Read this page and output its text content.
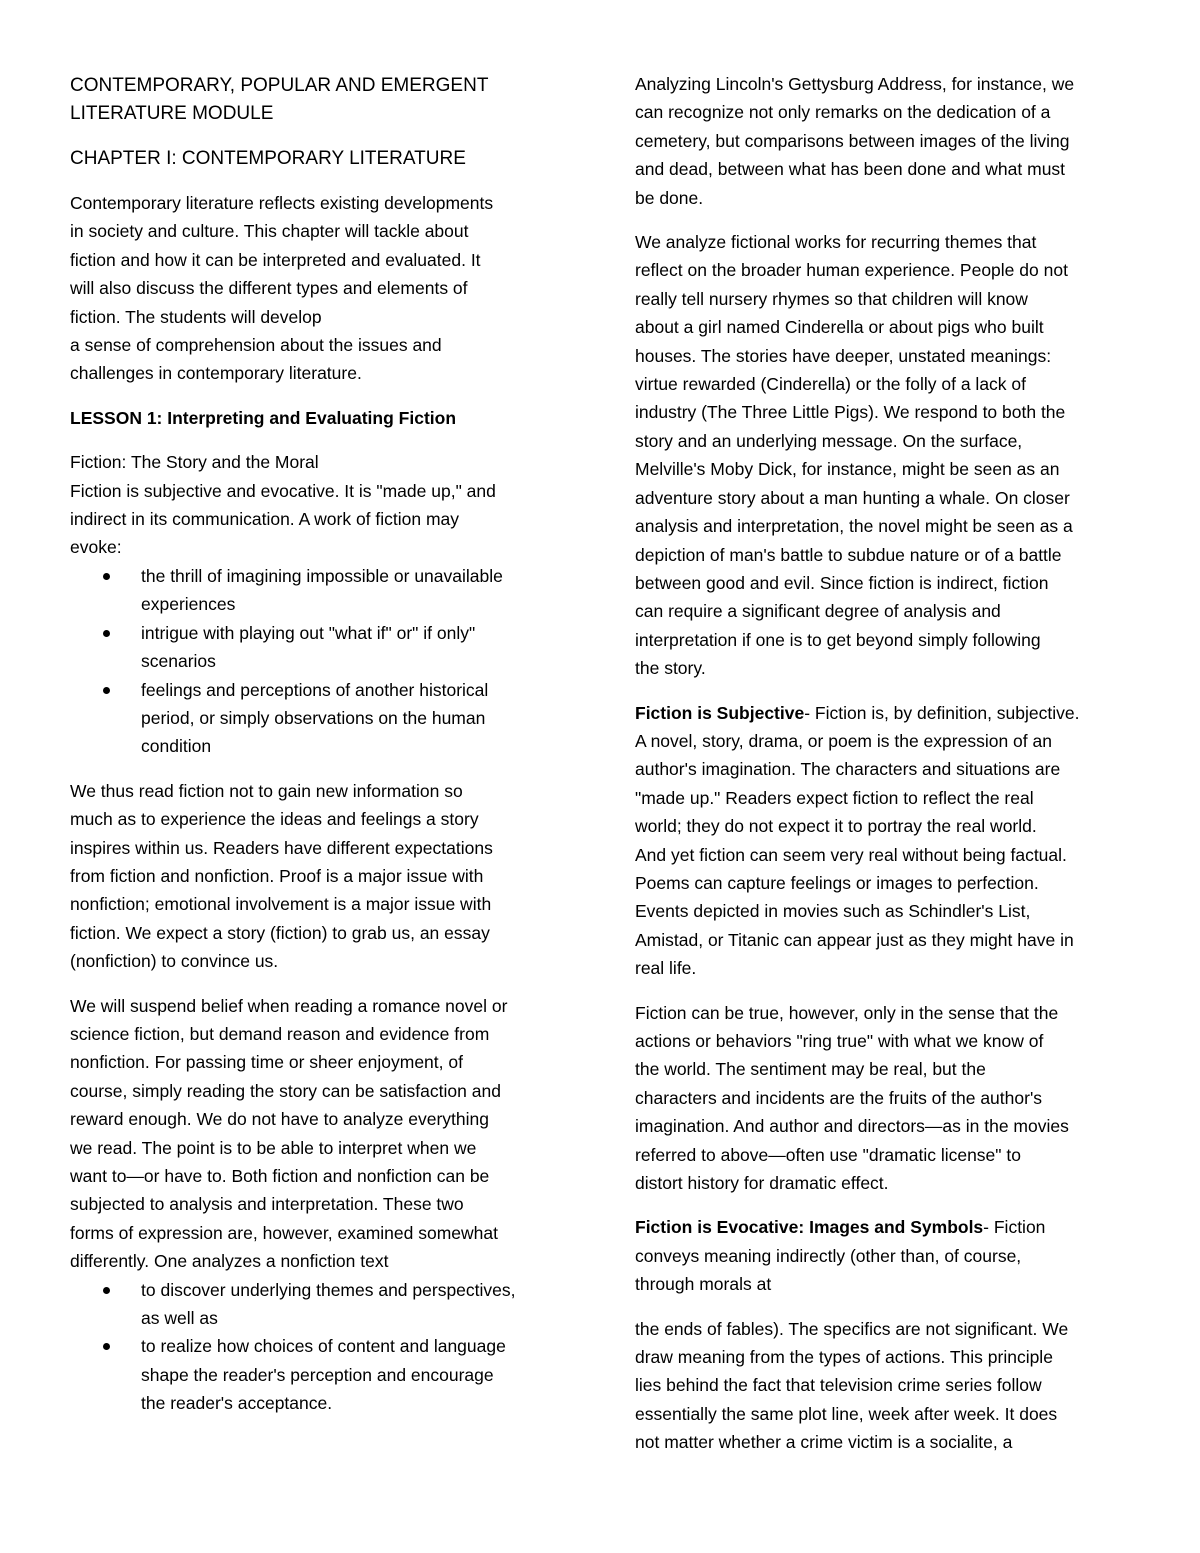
CONTEMPORARY, POPULAR AND EMERGENT
LITERATURE MODULE

CHAPTER I: CONTEMPORARY LITERATURE

Contemporary literature reflects existing developments
in society and culture. This chapter will tackle about
fiction and how it can be interpreted and evaluated. It
will also discuss the different types and elements of
fiction. The students will develop
a sense of comprehension about the issues and
challenges in contemporary literature.

LESSON 1: Interpreting and Evaluating Fiction

Fiction: The Story and the Moral
Fiction is subjective and evocative. It is "made up," and
indirect in its communication. A work of fiction may
evoke:

the thrill of imagining impossible or unavailable
experiences
intrigue with playing out "what if" or" if only"
scenarios
feelings and perceptions of another historical
period, or simply observations on the human
condition

We thus read fiction not to gain new information so
much as to experience the ideas and feelings a story
inspires within us. Readers have different expectations
from fiction and nonfiction. Proof is a major issue with
nonfiction; emotional involvement is a major issue with
fiction. We expect a story (fiction) to grab us, an essay
(nonfiction) to convince us.

We will suspend belief when reading a romance novel or
science fiction, but demand reason and evidence from
nonfiction. For passing time or sheer enjoyment, of
course, simply reading the story can be satisfaction and
reward enough. We do not have to analyze everything
we read. The point is to be able to interpret when we
want to—or have to. Both fiction and nonfiction can be
subjected to analysis and interpretation. These two
forms of expression are, however, examined somewhat
differently. One analyzes a nonfiction text

to discover underlying themes and perspectives,
as well as
to realize how choices of content and language
shape the reader's perception and encourage
the reader's acceptance.

Analyzing Lincoln's Gettysburg Address, for instance, we
can recognize not only remarks on the dedication of a
cemetery, but comparisons between images of the living
and dead, between what has been done and what must
be done.

We analyze fictional works for recurring themes that
reflect on the broader human experience. People do not
really tell nursery rhymes so that children will know
about a girl named Cinderella or about pigs who built
houses. The stories have deeper, unstated meanings:
virtue rewarded (Cinderella) or the folly of a lack of
industry (The Three Little Pigs). We respond to both the
story and an underlying message. On the surface,
Melville's Moby Dick, for instance, might be seen as an
adventure story about a man hunting a whale. On closer
analysis and interpretation, the novel might be seen as a
depiction of man's battle to subdue nature or of a battle
between good and evil. Since fiction is indirect, fiction
can require a significant degree of analysis and
interpretation if one is to get beyond simply following
the story.

Fiction is Subjective- Fiction is, by definition, subjective.
A novel, story, drama, or poem is the expression of an
author's imagination. The characters and situations are
"made up." Readers expect fiction to reflect the real
world; they do not expect it to portray the real world.
And yet fiction can seem very real without being factual.
Poems can capture feelings or images to perfection.
Events depicted in movies such as Schindler's List,
Amistad, or Titanic can appear just as they might have in
real life.

Fiction can be true, however, only in the sense that the
actions or behaviors "ring true" with what we know of
the world. The sentiment may be real, but the
characters and incidents are the fruits of the author's
imagination. And author and directors—as in the movies
referred to above—often use "dramatic license" to
distort history for dramatic effect.

Fiction is Evocative: Images and Symbols- Fiction
conveys meaning indirectly (other than, of course,
through morals at

the ends of fables). The specifics are not significant. We
draw meaning from the types of actions. This principle
lies behind the fact that television crime series follow
essentially the same plot line, week after week. It does
not matter whether a crime victim is a socialite, a
